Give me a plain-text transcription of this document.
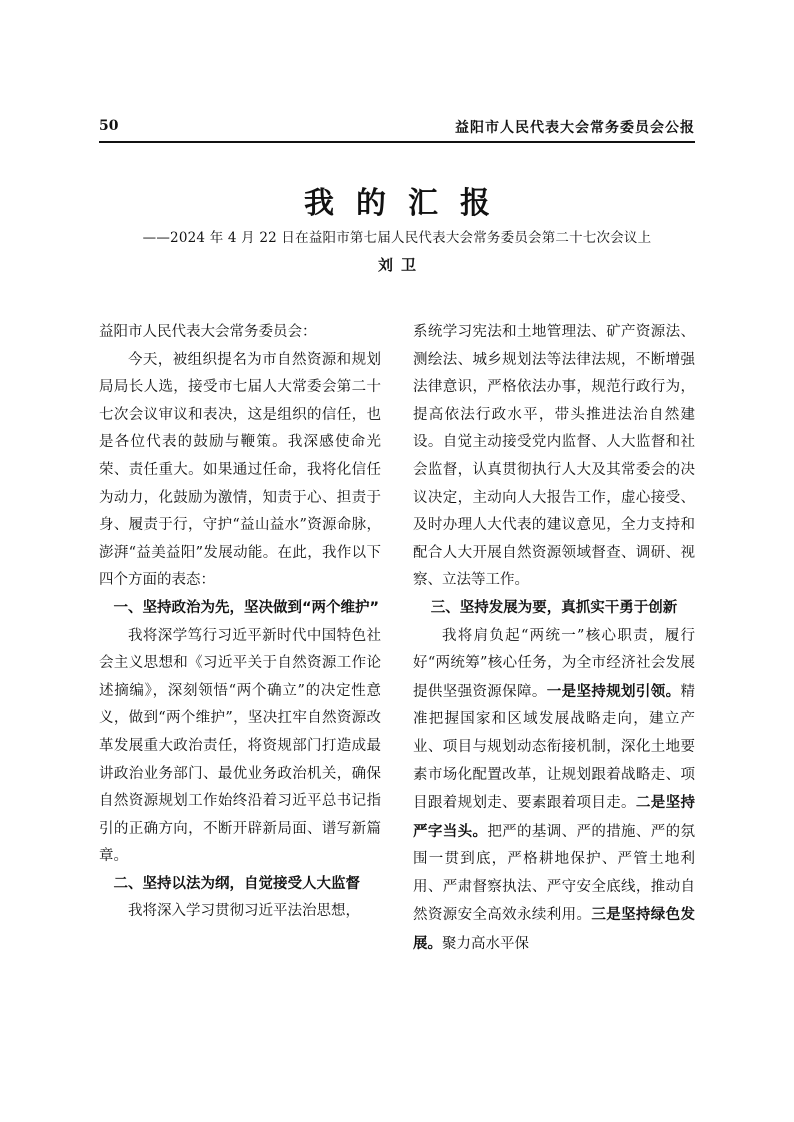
50	益阳市人民代表大会常务委员会公报
我的汇报
——2024 年 4 月 22 日在益阳市第七届人民代表大会常务委员会第二十七次会议上
刘卫

益阳市人民代表大会常务委员会：

今天，被组织提名为市自然资源和规划局局长人选，接受市七届人大常委会第二十七次会议审议和表决，这是组织的信任，也是各位代表的鼓励与鞭策。我深感使命光荣、责任重大。如果通过任命，我将化信任为动力，化鼓励为激情，知责于心、担责于身、履责于行，守护“益山益水”资源命脉，澎湃“益美益阳”发展动能。在此，我作以下四个方面的表态：

一、坚持政治为先，坚决做到“两个维护”

我将深学笃行习近平新时代中国特色社会主义思想和《习近平关于自然资源工作论述摘编》，深刻领悟“两个确立”的决定性意义，做到“两个维护”，坚决扛牢自然资源改革发展重大政治责任，将资规部门打造成最讲政治业务部门、最优业务政治机关，确保自然资源规划工作始终沿着习近平总书记指引的正确方向，不断开辟新局面、谱写新篇章。

二、坚持以法为纲，自觉接受人大监督

我将深入学习贯彻习近平法治思想，

系统学习宪法和土地管理法、矿产资源法、测绘法、城乡规划法等法律法规，不断增强法律意识，严格依法办事，规范行政行为，提高依法行政水平，带头推进法治自然建设。自觉主动接受党内监督、人大监督和社会监督，认真贯彻执行人大及其常委会的决议决定，主动向人大报告工作，虚心接受、及时办理人大代表的建议意见，全力支持和配合人大开展自然资源领域督查、调研、视察、立法等工作。

三、坚持发展为要，真抓实干勇于创新

我将肩负起“两统一”核心职责，履行好“两统筹”核心任务，为全市经济社会发展提供坚强资源保障。一是坚持规划引领。精准把握国家和区域发展战略走向，建立产业、项目与规划动态衔接机制，深化土地要素市场化配置改革，让规划跟着战略走、项目跟着规划走、要素跟着项目走。二是坚持严字当头。把严的基调、严的措施、严的氛围一贯到底，严格耕地保护、严管土地利用、严肃督察执法、严守安全底线，推动自然资源安全高效永续利用。三是坚持绿色发展。聚力高水平保
